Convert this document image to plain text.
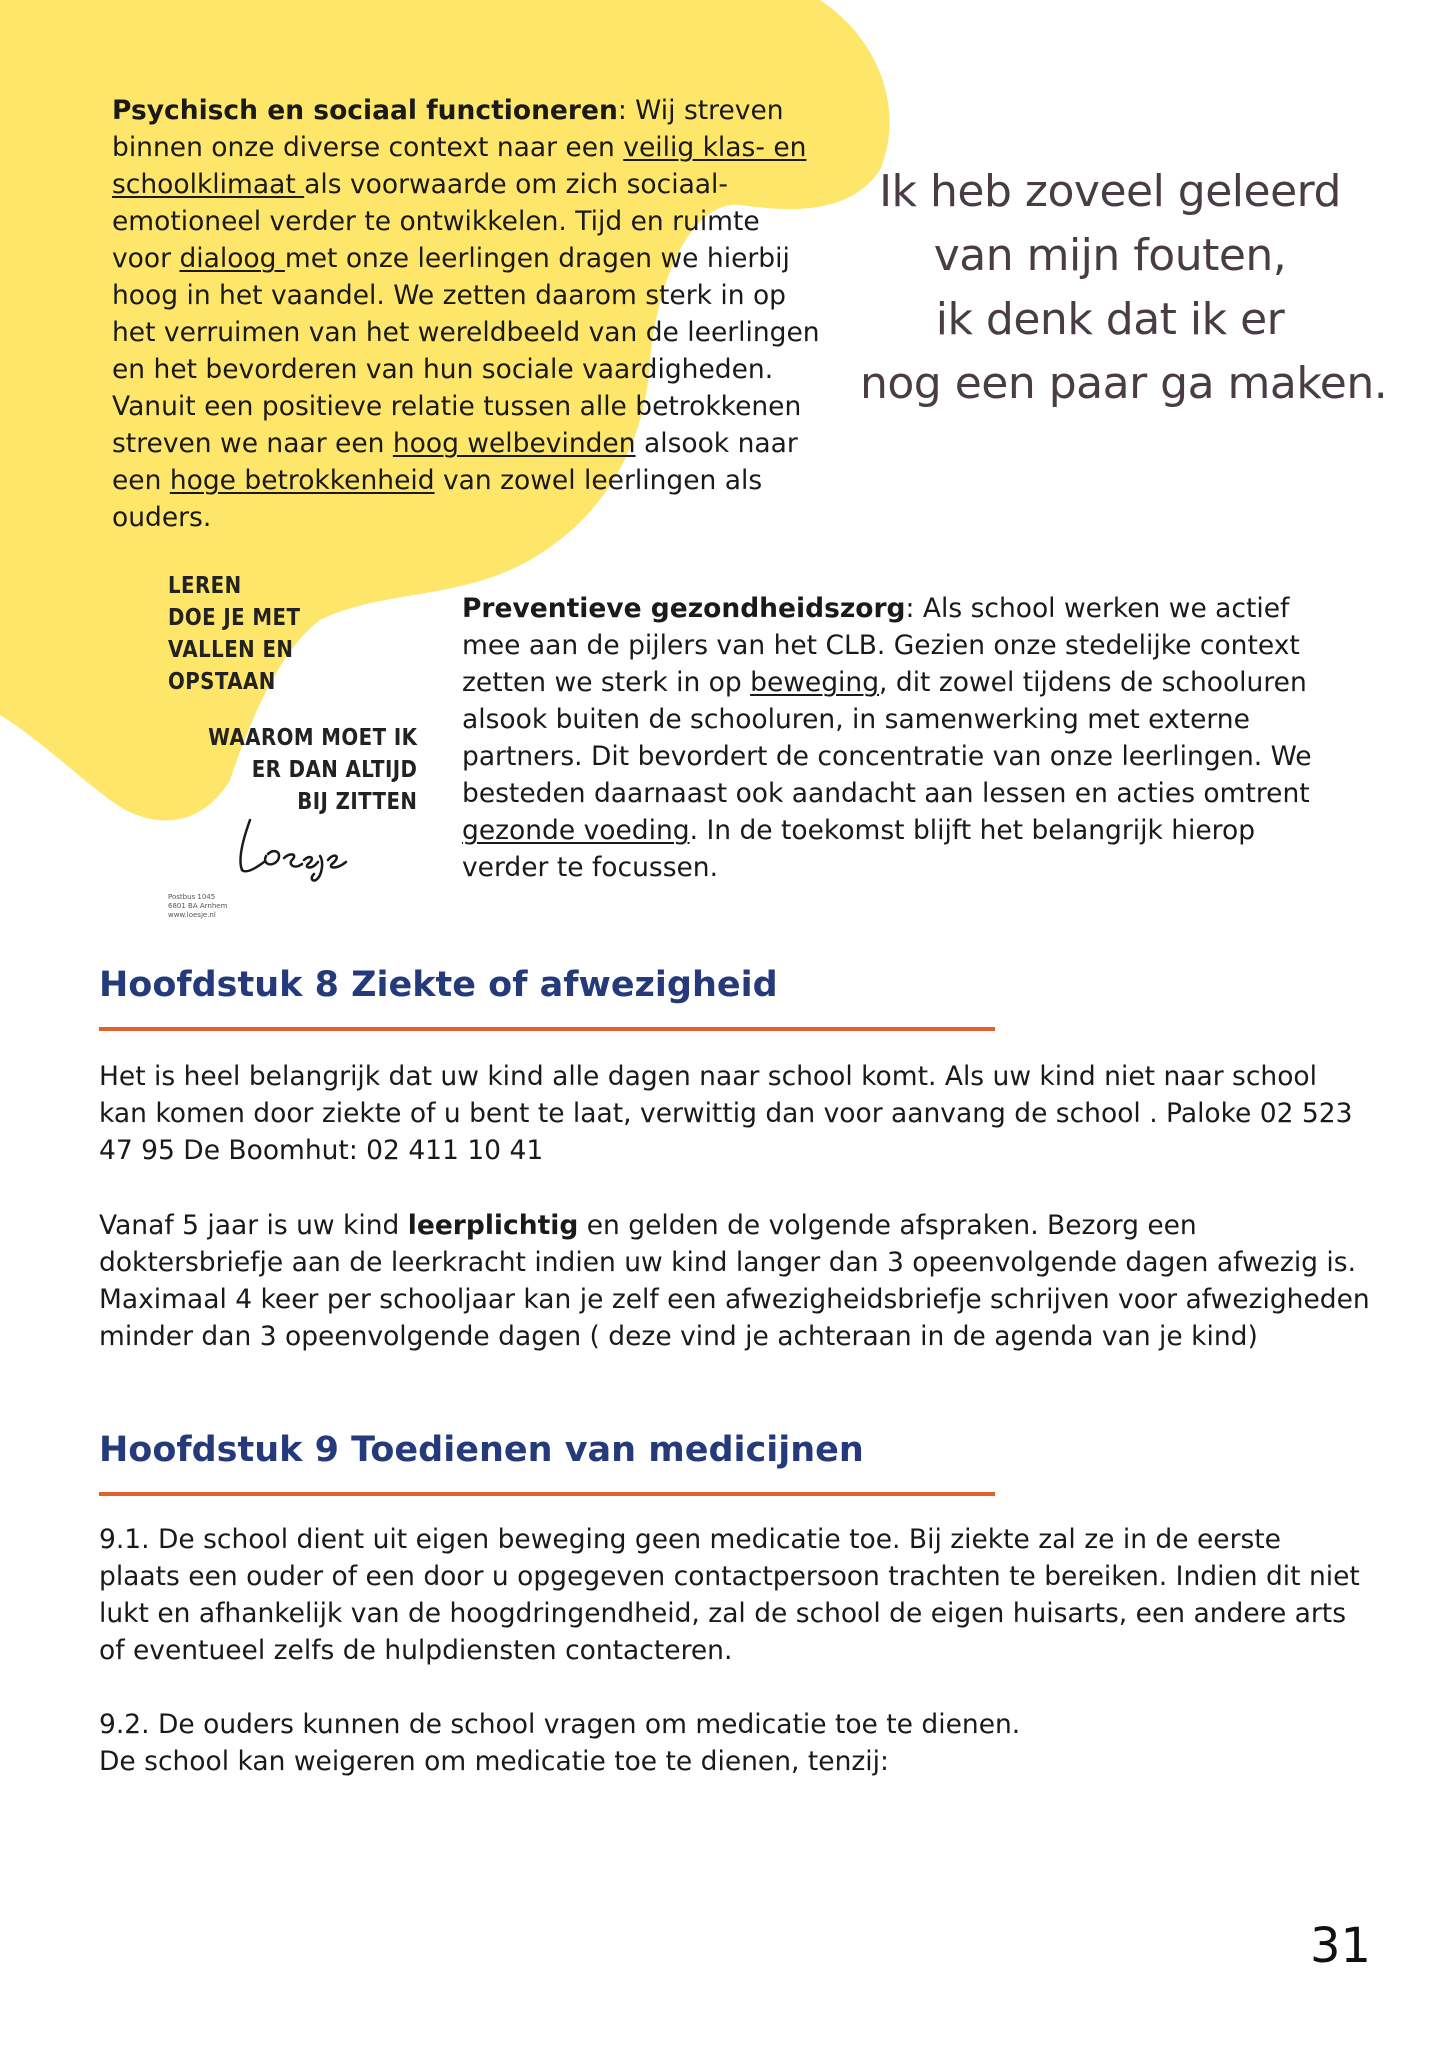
Psychisch en sociaal functioneren: Wij streven binnen onze diverse context naar een veilig klas- en schoolklimaat als voorwaarde om zich sociaal-emotioneel verder te ontwikkelen. Tijd en ruimte voor dialoog met onze leerlingen dragen we hierbij hoog in het vaandel. We zetten daarom sterk in op het verruimen van het wereldbeeld van de leerlingen en het bevorderen van hun sociale vaardigheden. Vanuit een positieve relatie tussen alle betrokkenen streven we naar een hoog welbevinden alsook naar een hoge betrokkenheid van zowel leerlingen als ouders.

Ik heb zoveel geleerd
van mijn fouten,
ik denk dat ik er
nog een paar ga maken.
LEREN
DOE JE MET
VALLEN EN OPSTAAN
WAAROM MOET IK
ER DAN ALTIJD
BIJ ZITTEN
Postbus 1045
6801 BA Arnhem
www.loesje.nl

Preventieve gezondheidszorg: Als school werken we actief mee aan de pijlers van het CLB. Gezien onze stedelijke context zetten we sterk in op beweging, dit zowel tijdens de schooluren alsook buiten de schooluren, in samenwerking met externe partners. Dit bevordert de concentratie van onze leerlingen. We besteden daarnaast ook aandacht aan lessen en acties omtrent gezonde voeding. In de toekomst blijft het belangrijk hierop verder te focussen.

Hoofdstuk 8 Ziekte of afwezigheid

Het is heel belangrijk dat uw kind alle dagen naar school komt. Als uw kind niet naar school kan komen door ziekte of u bent te laat, verwittig dan voor aanvang de school . Paloke 02 523 47 95 De Boomhut: 02 411 10 41

Vanaf 5 jaar is uw kind leerplichtig en gelden de volgende afspraken. Bezorg een doktersbriefje aan de leerkracht indien uw kind langer dan 3 opeenvolgende dagen afwezig is. Maximaal 4 keer per schooljaar kan je zelf een afwezigheidsbriefje schrijven voor afwezigheden minder dan 3 opeenvolgende dagen ( deze vind je achteraan in de agenda van je kind)

Hoofdstuk 9 Toedienen van medicijnen

9.1. De school dient uit eigen beweging geen medicatie toe. Bij ziekte zal ze in de eerste plaats een ouder of een door u opgegeven contactpersoon trachten te bereiken. Indien dit niet lukt en afhankelijk van de hoogdringendheid, zal de school de eigen huisarts, een andere arts of eventueel zelfs de hulpdiensten contacteren.

9.2. De ouders kunnen de school vragen om medicatie toe te dienen.
De school kan weigeren om medicatie toe te dienen, tenzij:

31
